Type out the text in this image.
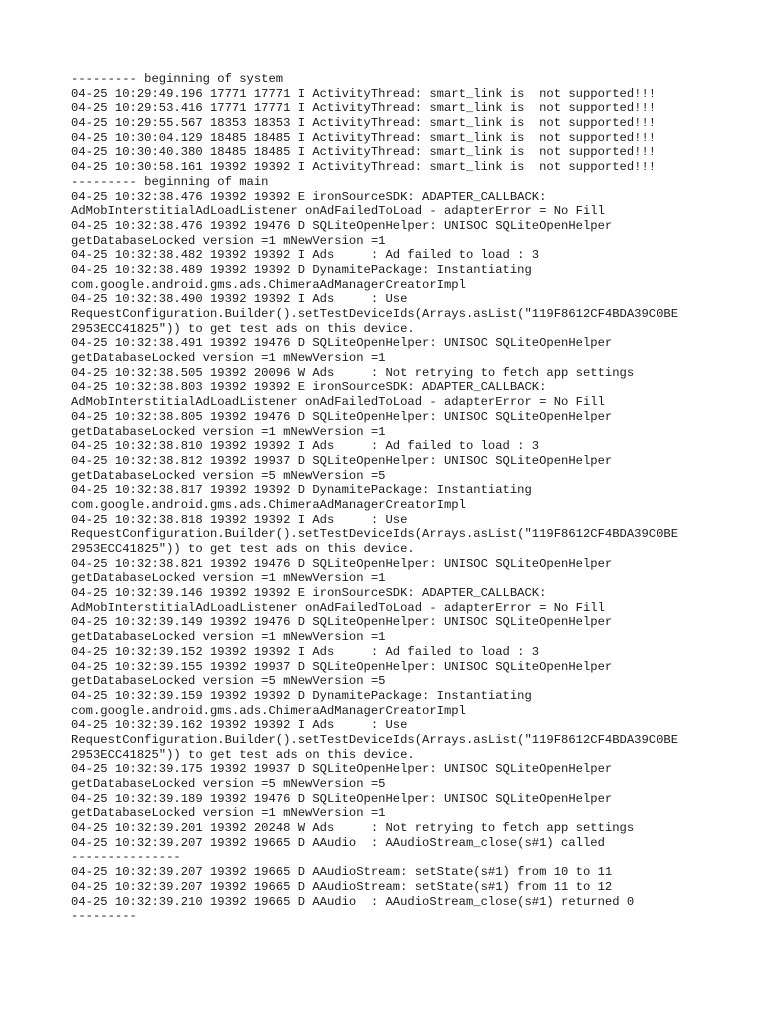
--------- beginning of system
04-25 10:29:49.196 17771 17771 I ActivityThread: smart_link is  not supported!!!
04-25 10:29:53.416 17771 17771 I ActivityThread: smart_link is  not supported!!!
04-25 10:29:55.567 18353 18353 I ActivityThread: smart_link is  not supported!!!
04-25 10:30:04.129 18485 18485 I ActivityThread: smart_link is  not supported!!!
04-25 10:30:40.380 18485 18485 I ActivityThread: smart_link is  not supported!!!
04-25 10:30:58.161 19392 19392 I ActivityThread: smart_link is  not supported!!!
--------- beginning of main
04-25 10:32:38.476 19392 19392 E ironSourceSDK: ADAPTER_CALLBACK:
AdMobInterstitialAdLoadListener onAdFailedToLoad - adapterError = No Fill
04-25 10:32:38.476 19392 19476 D SQLiteOpenHelper: UNISOC SQLiteOpenHelper
getDatabaseLocked version =1 mNewVersion =1
04-25 10:32:38.482 19392 19392 I Ads     : Ad failed to load : 3
04-25 10:32:38.489 19392 19392 D DynamitePackage: Instantiating
com.google.android.gms.ads.ChimeraAdManagerCreatorImpl
04-25 10:32:38.490 19392 19392 I Ads     : Use
RequestConfiguration.Builder().setTestDeviceIds(Arrays.asList("119F8612CF4BDA39C0BE
2953ECC41825")) to get test ads on this device.
04-25 10:32:38.491 19392 19476 D SQLiteOpenHelper: UNISOC SQLiteOpenHelper
getDatabaseLocked version =1 mNewVersion =1
04-25 10:32:38.505 19392 20096 W Ads     : Not retrying to fetch app settings
04-25 10:32:38.803 19392 19392 E ironSourceSDK: ADAPTER_CALLBACK:
AdMobInterstitialAdLoadListener onAdFailedToLoad - adapterError = No Fill
04-25 10:32:38.805 19392 19476 D SQLiteOpenHelper: UNISOC SQLiteOpenHelper
getDatabaseLocked version =1 mNewVersion =1
04-25 10:32:38.810 19392 19392 I Ads     : Ad failed to load : 3
04-25 10:32:38.812 19392 19937 D SQLiteOpenHelper: UNISOC SQLiteOpenHelper
getDatabaseLocked version =5 mNewVersion =5
04-25 10:32:38.817 19392 19392 D DynamitePackage: Instantiating
com.google.android.gms.ads.ChimeraAdManagerCreatorImpl
04-25 10:32:38.818 19392 19392 I Ads     : Use
RequestConfiguration.Builder().setTestDeviceIds(Arrays.asList("119F8612CF4BDA39C0BE
2953ECC41825")) to get test ads on this device.
04-25 10:32:38.821 19392 19476 D SQLiteOpenHelper: UNISOC SQLiteOpenHelper
getDatabaseLocked version =1 mNewVersion =1
04-25 10:32:39.146 19392 19392 E ironSourceSDK: ADAPTER_CALLBACK:
AdMobInterstitialAdLoadListener onAdFailedToLoad - adapterError = No Fill
04-25 10:32:39.149 19392 19476 D SQLiteOpenHelper: UNISOC SQLiteOpenHelper
getDatabaseLocked version =1 mNewVersion =1
04-25 10:32:39.152 19392 19392 I Ads     : Ad failed to load : 3
04-25 10:32:39.155 19392 19937 D SQLiteOpenHelper: UNISOC SQLiteOpenHelper
getDatabaseLocked version =5 mNewVersion =5
04-25 10:32:39.159 19392 19392 D DynamitePackage: Instantiating
com.google.android.gms.ads.ChimeraAdManagerCreatorImpl
04-25 10:32:39.162 19392 19392 I Ads     : Use
RequestConfiguration.Builder().setTestDeviceIds(Arrays.asList("119F8612CF4BDA39C0BE
2953ECC41825")) to get test ads on this device.
04-25 10:32:39.175 19392 19937 D SQLiteOpenHelper: UNISOC SQLiteOpenHelper
getDatabaseLocked version =5 mNewVersion =5
04-25 10:32:39.189 19392 19476 D SQLiteOpenHelper: UNISOC SQLiteOpenHelper
getDatabaseLocked version =1 mNewVersion =1
04-25 10:32:39.201 19392 20248 W Ads     : Not retrying to fetch app settings
04-25 10:32:39.207 19392 19665 D AAudio  : AAudioStream_close(s#1) called
---------------
04-25 10:32:39.207 19392 19665 D AAudioStream: setState(s#1) from 10 to 11
04-25 10:32:39.207 19392 19665 D AAudioStream: setState(s#1) from 11 to 12
04-25 10:32:39.210 19392 19665 D AAudio  : AAudioStream_close(s#1) returned 0
---------
